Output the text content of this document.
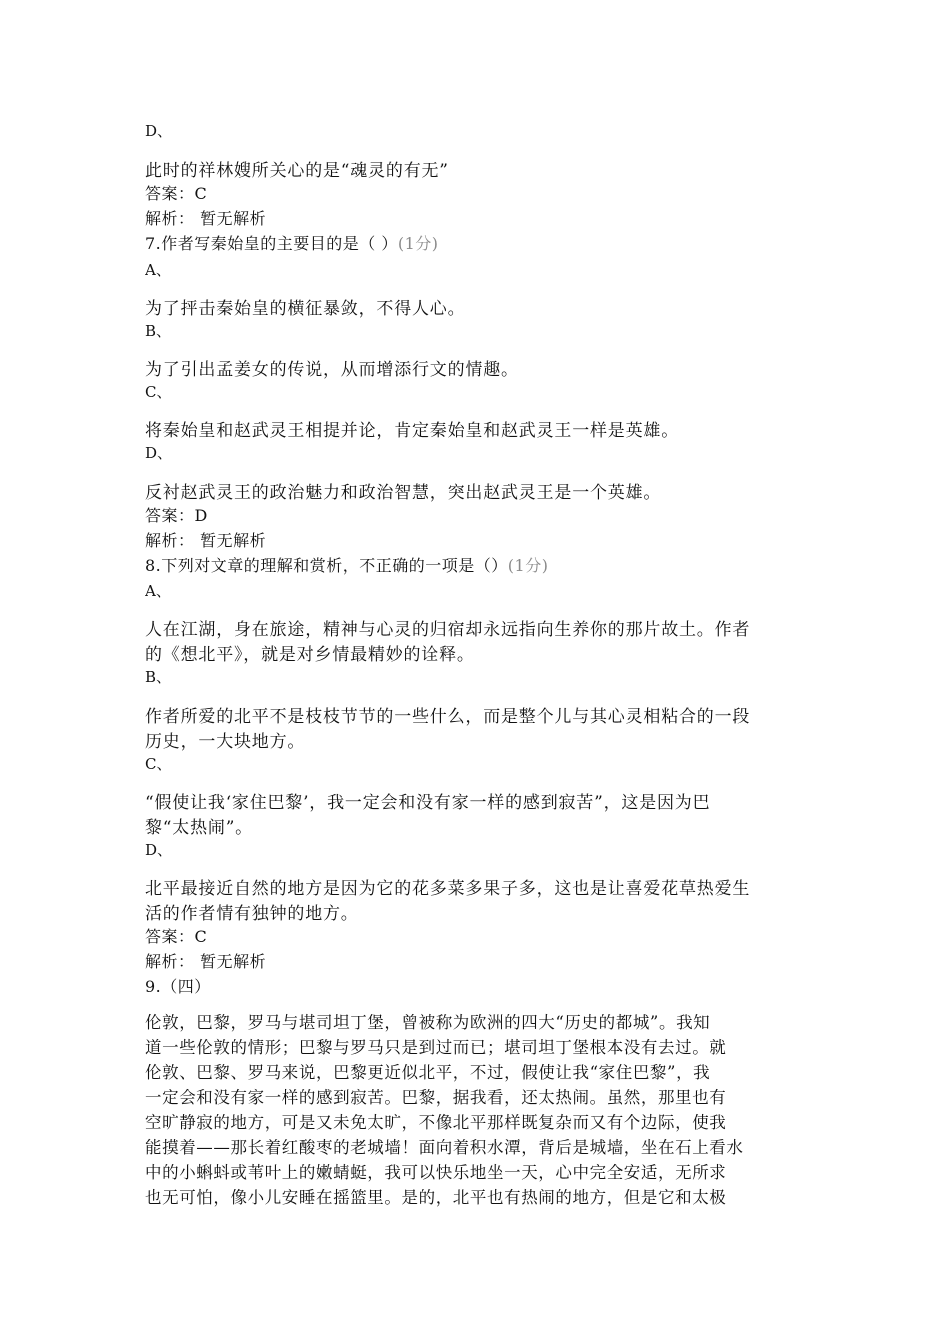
D、
此时的祥林嫂所关心的是“魂灵的有无”
答案：C
解析： 暂无解析
7.作者写秦始皇的主要目的是（ ）(1分)
A、
为了抨击秦始皇的横征暴敛，不得人心。
B、
为了引出孟姜女的传说，从而增添行文的情趣。
C、
将秦始皇和赵武灵王相提并论，肯定秦始皇和赵武灵王一样是英雄。
D、
反衬赵武灵王的政治魅力和政治智慧，突出赵武灵王是一个英雄。
答案：D
解析： 暂无解析
8.下列对文章的理解和赏析，不正确的一项是（）(1分)
A、
人在江湖，身在旅途，精神与心灵的归宿却永远指向生养你的那片故土。作者
的《想北平》，就是对乡情最精妙的诠释。
B、
作者所爱的北平不是枝枝节节的一些什么，而是整个儿与其心灵相粘合的一段
历史，一大块地方。
C、
“假使让我‘家住巴黎’，我一定会和没有家一样的感到寂苦”，这是因为巴
黎“太热闹”。
D、
北平最接近自然的地方是因为它的花多菜多果子多，这也是让喜爱花草热爱生
活的作者情有独钟的地方。
答案：C
解析： 暂无解析
9.（四）
伦敦，巴黎，罗马与堪司坦丁堡，曾被称为欧洲的四大“历史的都城”。我知
道一些伦敦的情形；巴黎与罗马只是到过而已；堪司坦丁堡根本没有去过。就
伦敦、巴黎、罗马来说，巴黎更近似北平，不过，假使让我“家住巴黎”，我
一定会和没有家一样的感到寂苦。巴黎，据我看，还太热闹。虽然，那里也有
空旷静寂的地方，可是又未免太旷，不像北平那样既复杂而又有个边际，使我
能摸着——那长着红酸枣的老城墙！面向着积水潭，背后是城墙，坐在石上看水
中的小蝌蚪或苇叶上的嫩蜻蜓，我可以快乐地坐一天，心中完全安适，无所求
也无可怕，像小儿安睡在摇篮里。是的，北平也有热闹的地方，但是它和太极
